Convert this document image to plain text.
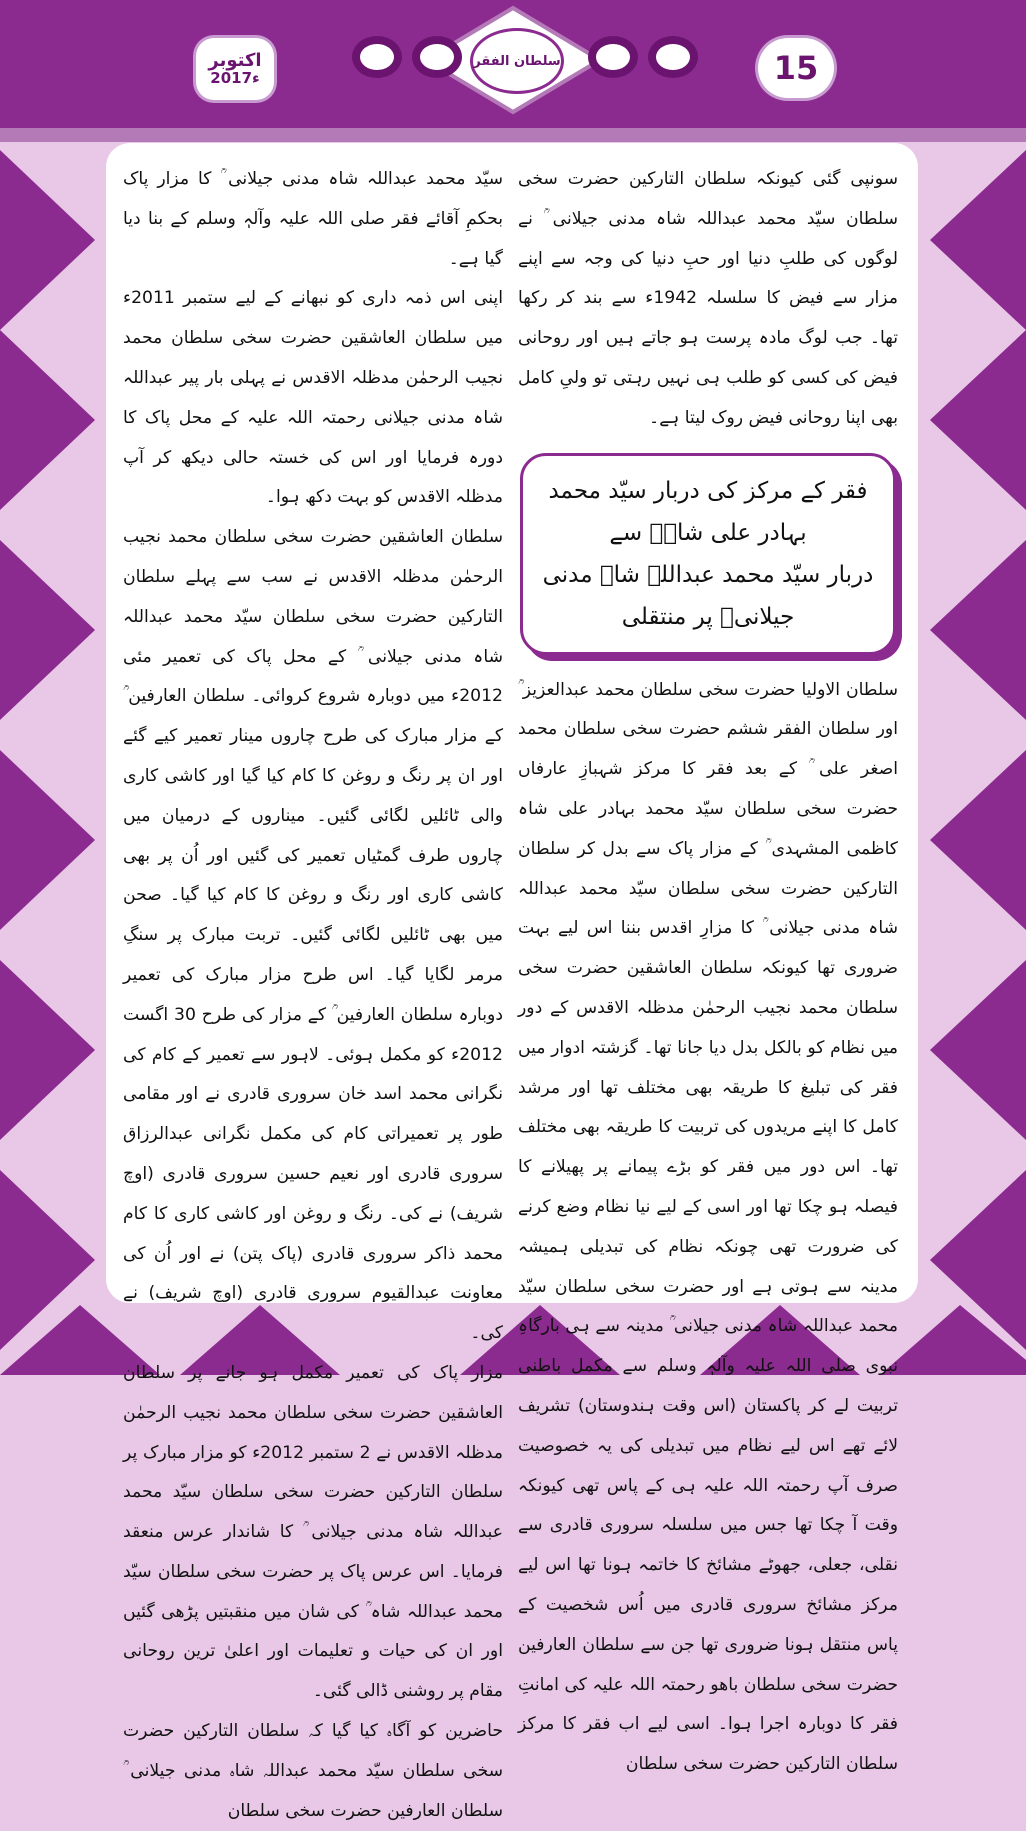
15
اکتوبر
2017ء
سلطان الفقر

سونپی گئی کیونکہ سلطان التارکین حضرت سخی سلطان سیّد محمد عبداللہ شاہ مدنی جیلانی ؒ نے لوگوں کی طلبِ دنیا اور حبِ دنیا کی وجہ سے اپنے مزار سے فیض کا سلسلہ 1942ء سے بند کر رکھا تھا۔ جب لوگ مادہ پرست ہو جاتے ہیں اور روحانی فیض کی کسی کو طلب ہی نہیں رہتی تو ولیِ کامل بھی اپنا روحانی فیض روک لیتا ہے۔

فقر کے مرکز کی دربار سیّد محمد بہادر علی شاہؒ سے
دربار سیّد محمد عبداللہ شاہ مدنی جیلانیؒ پر منتقلی

سلطان الاولیا حضرت سخی سلطان محمد عبدالعزیز ؒ اور سلطان الفقر ششم حضرت سخی سلطان محمد اصغر علی ؒ کے بعد فقر کا مرکز شہبازِ عارفاں حضرت سخی سلطان سیّد محمد بہادر علی شاہ کاظمی المشہدی ؒ کے مزار پاک سے بدل کر سلطان التارکین حضرت سخی سلطان سیّد محمد عبداللہ شاہ مدنی جیلانی ؒ کا مزارِ اقدس بننا اس لیے بہت ضروری تھا کیونکہ سلطان العاشقین حضرت سخی سلطان محمد نجیب الرحمٰن مدظلہ الاقدس کے دور میں نظام کو بالکل بدل دیا جانا تھا۔ گزشتہ ادوار میں فقر کی تبلیغ کا طریقہ بھی مختلف تھا اور مرشد کامل کا اپنے مریدوں کی تربیت کا طریقہ بھی مختلف تھا۔ اس دور میں فقر کو بڑے پیمانے پر پھیلانے کا فیصلہ ہو چکا تھا اور اسی کے لیے نیا نظام وضع کرنے کی ضرورت تھی چونکہ نظام کی تبدیلی ہمیشہ مدینہ سے ہوتی ہے اور حضرت سخی سلطان سیّد محمد عبداللہ شاہ مدنی جیلانی ؒ مدینہ سے ہی بارگاہِ نبوی صلی اللہ علیہ وآلہٖ وسلم سے مکمل باطنی تربیت لے کر پاکستان (اس وقت ہندوستان) تشریف لائے تھے اس لیے نظام میں تبدیلی کی یہ خصوصیت صرف آپ رحمتہ اللہ علیہ ہی کے پاس تھی کیونکہ وقت آ چکا تھا جس میں سلسلہ سروری قادری سے نقلی، جعلی، جھوٹے مشائخ کا خاتمہ ہونا تھا اس لیے مرکز مشائخ سروری قادری میں اُس شخصیت کے پاس منتقل ہونا ضروری تھا جن سے سلطان العارفین حضرت سخی سلطان باھو رحمتہ اللہ علیہ کی امانتِ فقر کا دوبارہ اجرا ہوا۔ اسی لیے اب فقر کا مرکز سلطان التارکین حضرت سخی سلطان

سیّد محمد عبداللہ شاہ مدنی جیلانی ؒ کا مزار پاک بحکمِ آقائے فقر صلی اللہ علیہ وآلہٖ وسلم کے بنا دیا گیا ہے۔

اپنی اس ذمہ داری کو نبھانے کے لیے ستمبر 2011ء میں سلطان العاشقین حضرت سخی سلطان محمد نجیب الرحمٰن مدظلہ الاقدس نے پہلی بار پیر عبداللہ شاہ مدنی جیلانی رحمتہ اللہ علیہ کے محل پاک کا دورہ فرمایا اور اس کی خستہ حالی دیکھ کر آپ مدظلہ الاقدس کو بہت دکھ ہوا۔

سلطان العاشقین حضرت سخی سلطان محمد نجیب الرحمٰن مدظلہ الاقدس نے سب سے پہلے سلطان التارکین حضرت سخی سلطان سیّد محمد عبداللہ شاہ مدنی جیلانی ؒ کے محل پاک کی تعمیر مئی 2012ء میں دوبارہ شروع کروائی۔ سلطان العارفین ؒ کے مزار مبارک کی طرح چاروں مینار تعمیر کیے گئے اور ان پر رنگ و روغن کا کام کیا گیا اور کاشی کاری والی ٹائلیں لگائی گئیں۔ میناروں کے درمیان میں چاروں طرف گمٹیاں تعمیر کی گئیں اور اُن پر بھی کاشی کاری اور رنگ و روغن کا کام کیا گیا۔ صحن میں بھی ٹائلیں لگائی گئیں۔ تربت مبارک پر سنگِ مرمر لگایا گیا۔ اس طرح مزار مبارک کی تعمیر دوبارہ سلطان العارفین ؒ کے مزار کی طرح 30 اگست 2012ء کو مکمل ہوئی۔ لاہور سے تعمیر کے کام کی نگرانی محمد اسد خان سروری قادری نے اور مقامی طور پر تعمیراتی کام کی مکمل نگرانی عبدالرزاق سروری قادری اور نعیم حسین سروری قادری (اوچ شریف) نے کی۔ رنگ و روغن اور کاشی کاری کا کام محمد ذاکر سروری قادری (پاک پتن) نے اور اُن کی معاونت عبدالقیوم سروری قادری (اوچ شریف) نے کی۔

مزار پاک کی تعمیر مکمل ہو جانے پر سلطان العاشقین حضرت سخی سلطان محمد نجیب الرحمٰن مدظلہ الاقدس نے 2 ستمبر 2012ء کو مزار مبارک پر سلطان التارکین حضرت سخی سلطان سیّد محمد عبداللہ شاہ مدنی جیلانی ؒ کا شاندار عرس منعقد فرمایا۔ اس عرس پاک پر حضرت سخی سلطان سیّد محمد عبداللہ شاہ ؒ کی شان میں منقبتیں پڑھی گئیں اور ان کی حیات و تعلیمات اور اعلیٰ ترین روحانی مقام پر روشنی ڈالی گئی۔

حاضرین کو آگاہ کیا گیا کہ سلطان التارکین حضرت سخی سلطان سیّد محمد عبداللہ شاہ مدنی جیلانی ؒ سلطان العارفین حضرت سخی سلطان
